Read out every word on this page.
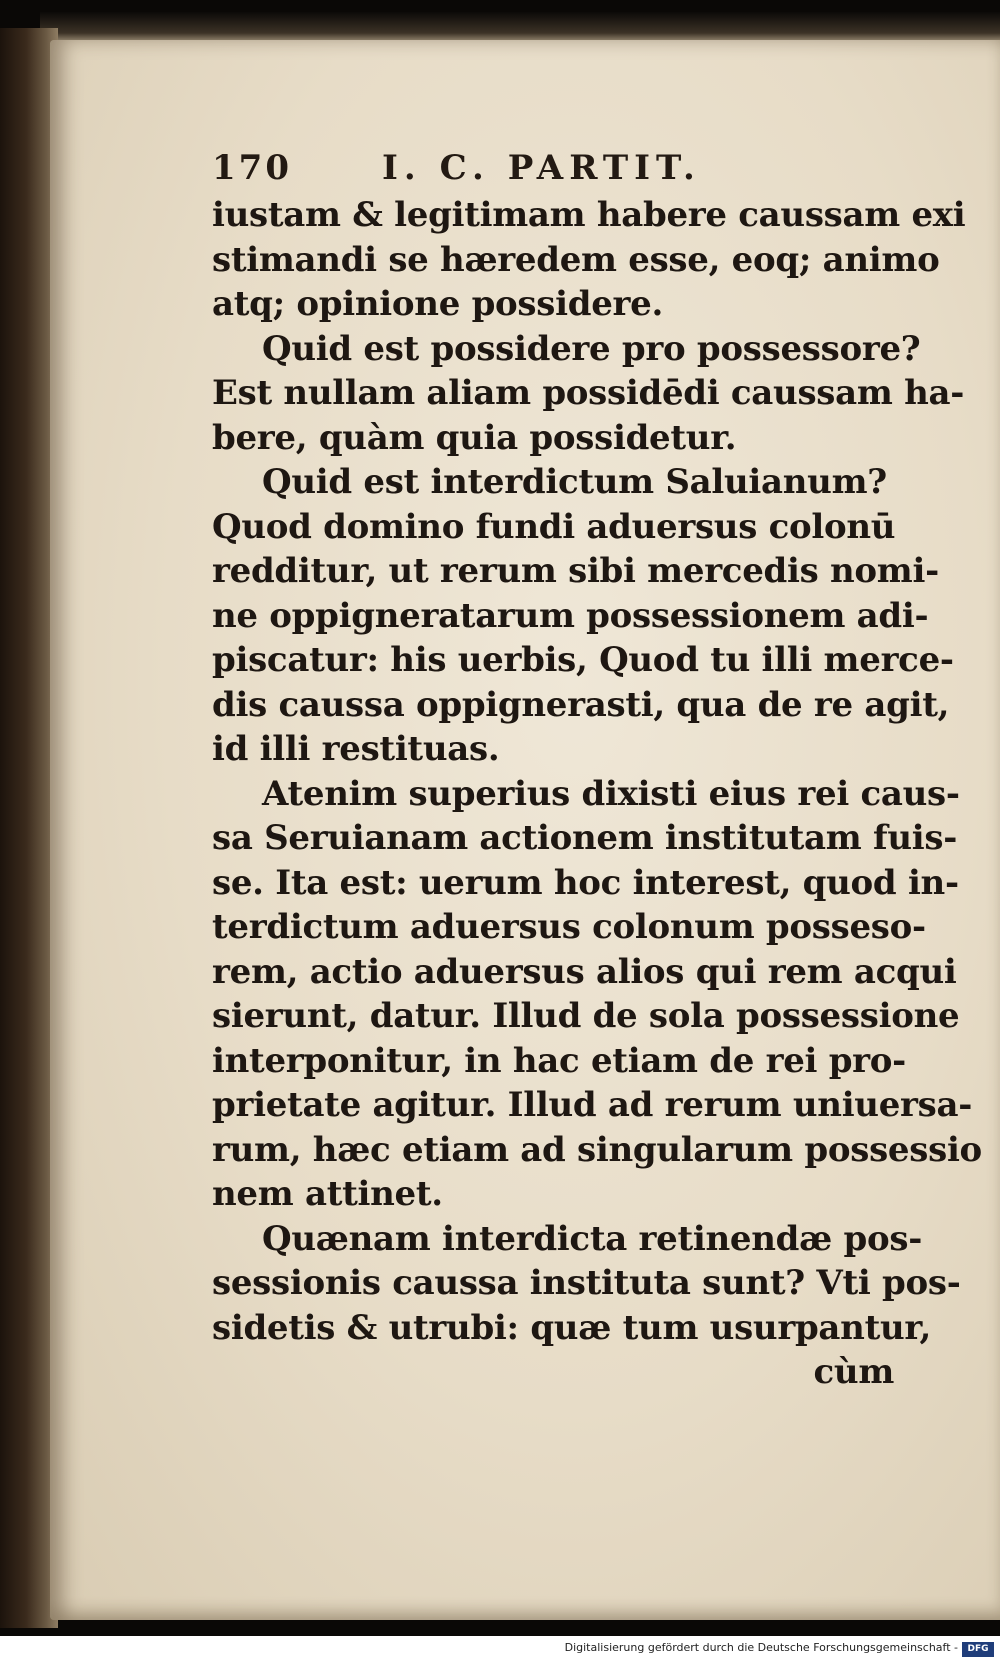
170	I. C. PARTIT.
iustam & legitimam habere caussam exi
stimandi se hæredem esse, eoq; animo
atq; opinione possidere.
Quid est possidere pro possessore?
Est nullam aliam possidēdi caussam ha-
bere, quàm quia possidetur.
Quid est interdictum Saluianum?
Quod domino fundi aduersus colonū
redditur, ut rerum sibi mercedis nomi-
ne oppigneratarum possessionem adi-
piscatur: his uerbis, Quod tu illi merce-
dis caussa oppignerasti, qua de re agit,
id illi restituas.
Atenim superius dixisti eius rei caus-
sa Seruianam actionem institutam fuis-
se. Ita est: uerum hoc interest, quod in-
terdictum aduersus colonum posseso-
rem, actio aduersus alios qui rem acqui
sierunt, datur. Illud de sola possessione
interponitur, in hac etiam de rei pro-
prietate agitur. Illud ad rerum uniuersa-
rum, hæc etiam ad singularum possessio
nem attinet.
Quænam interdicta retinendæ pos-
sessionis caussa instituta sunt? Vti pos-
sidetis & utrubi: quæ tum usurpantur,
cùm
Digitalisierung gefördert durch die Deutsche Forschungsgemeinschaft -	DFG
